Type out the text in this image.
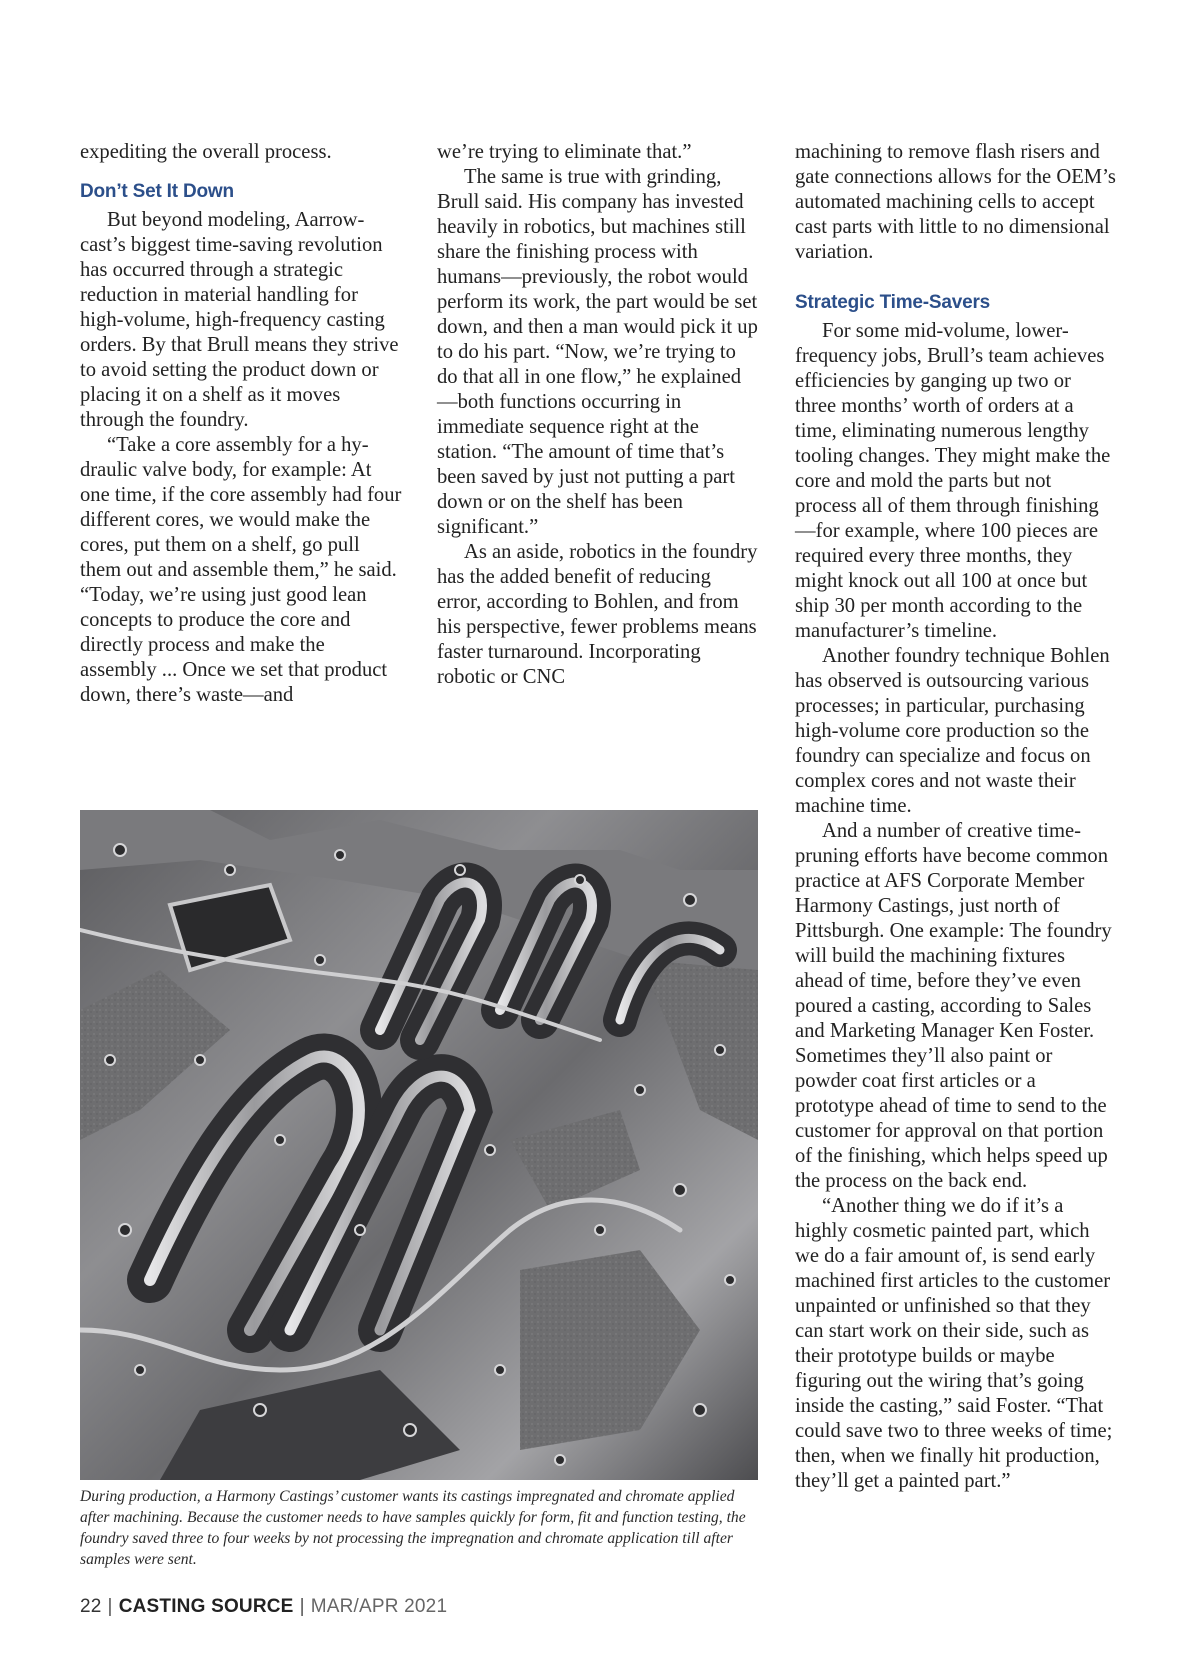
expediting the overall process.

Don’t Set It Down

But beyond modeling, Aarrowcast’s biggest time-saving revolution has occurred through a strategic reduction in material handling for high-volume, high-frequency casting orders. By that Brull means they strive to avoid setting the product down or placing it on a shelf as it moves through the foundry.

“Take a core assembly for a hydraulic valve body, for example: At one time, if the core assembly had four different cores, we would make the cores, put them on a shelf, go pull them out and assemble them,” he said. “Today, we’re using just good lean concepts to produce the core and directly process and make the assembly ... Once we set that product down, there’s waste—and

we’re trying to eliminate that.”

The same is true with grinding, Brull said. His company has invested heavily in robotics, but machines still share the finishing process with humans—previously, the robot would perform its work, the part would be set down, and then a man would pick it up to do his part. “Now, we’re trying to do that all in one flow,” he explained—both functions occurring in immediate sequence right at the station. “The amount of time that’s been saved by just not putting a part down or on the shelf has been significant.”

As an aside, robotics in the foundry has the added benefit of reducing error, according to Bohlen, and from his perspective, fewer problems means faster turnaround. Incorporating robotic or CNC

machining to remove flash risers and gate connections allows for the OEM’s automated machining cells to accept cast parts with little to no dimensional variation.

Strategic Time-Savers

For some mid-volume, lower-frequency jobs, Brull’s team achieves efficiencies by ganging up two or three months’ worth of orders at a time, eliminating numerous lengthy tooling changes. They might make the core and mold the parts but not process all of them through finishing—for example, where 100 pieces are required every three months, they might knock out all 100 at once but ship 30 per month according to the manufacturer’s timeline.

Another foundry technique Bohlen has observed is outsourcing various processes; in particular, purchasing high-volume core production so the foundry can specialize and focus on complex cores and not waste their machine time.

And a number of creative time-pruning efforts have become common practice at AFS Corporate Member Harmony Castings, just north of Pittsburgh. One example: The foundry will build the machining fixtures ahead of time, before they’ve even poured a casting, according to Sales and Marketing Manager Ken Foster. Sometimes they’ll also paint or powder coat first articles or a prototype ahead of time to send to the customer for approval on that portion of the finishing, which helps speed up the process on the back end.

“Another thing we do if it’s a highly cosmetic painted part, which we do a fair amount of, is send early machined first articles to the customer unpainted or unfinished so that they can start work on their side, such as their prototype builds or maybe figuring out the wiring that’s going inside the casting,” said Foster. “That could save two to three weeks of time; then, when we finally hit production, they’ll get a painted part.”

During production, a Harmony Castings’ customer wants its castings impregnated and chromate applied after machining. Because the customer needs to have samples quickly for form, fit and function testing, the foundry saved three to four weeks by not processing the impregnation and chromate application till after samples were sent.
22 | CASTING SOURCE | MAR/APR 2021
